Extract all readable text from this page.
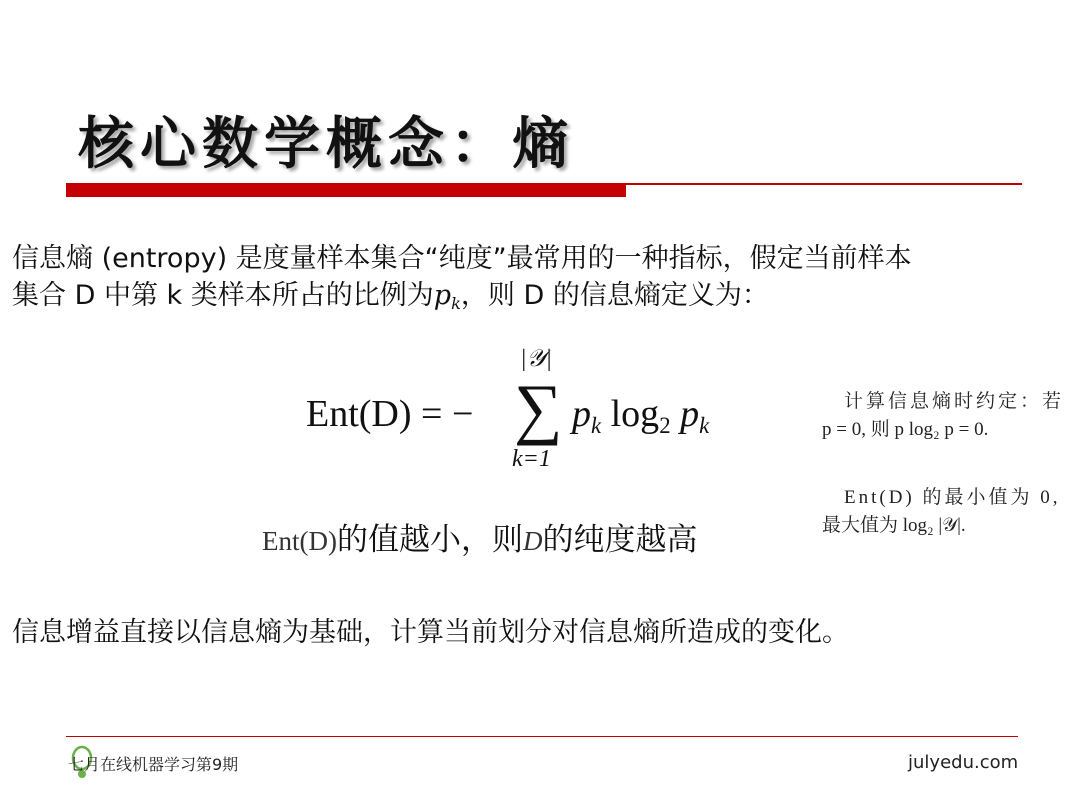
核心数学概念：熵

信息熵 (entropy) 是度量样本集合“纯度”最常用的一种指标，假定当前样本
集合 D 中第 k 类样本所占的比例为$p_k$，则 D 的信息熵定义为：

Ent(D) = −
|𝒴|
∑
k=1
$p_k$ $\log_2 p_k$

计算信息熵时约定：若

p = 0, 则 p log₂ p = 0.

Ent(D) 的最小值为 0,

最大值为 log₂ |𝒴|.

Ent(D)的值越小，则D的纯度越高

信息增益直接以信息熵为基础，计算当前划分对信息熵所造成的变化。

七月在线机器学习第9期	julyedu.com
